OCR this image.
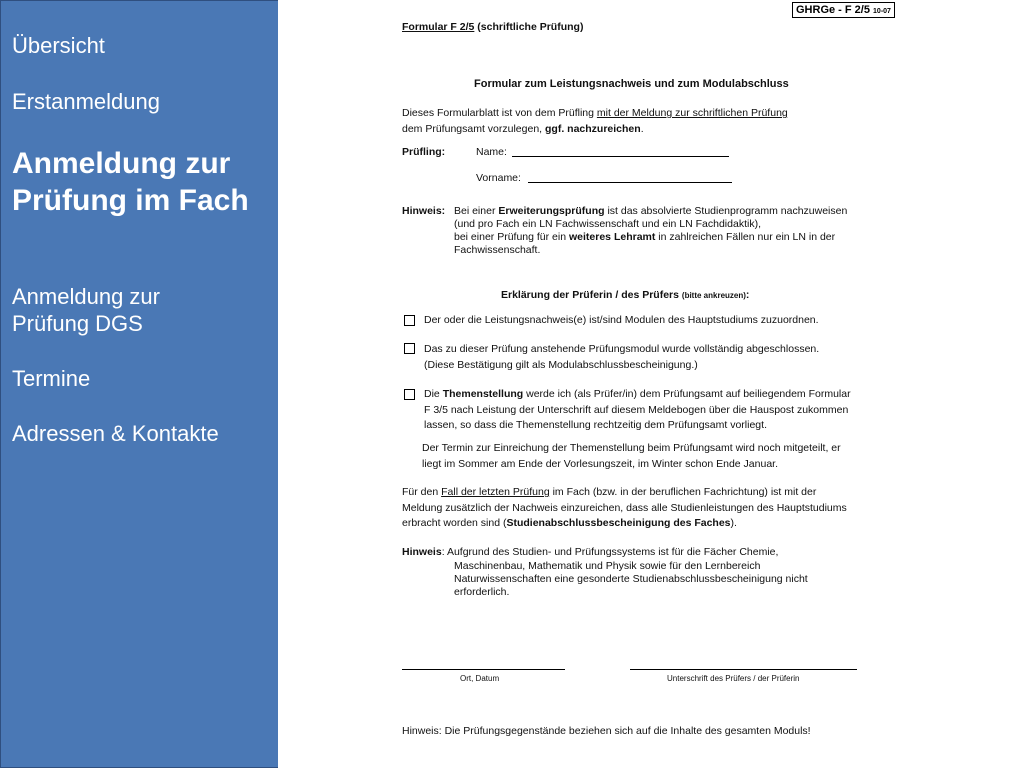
Übersicht
Erstanmeldung
Anmeldung zur Prüfung im Fach
Anmeldung zur
Prüfung DGS
Termine
Adressen & Kontakte
GHRGe - F 2/5 10-07
Formular F 2/5 (schriftliche Prüfung)
Formular zum Leistungsnachweis und zum Modulabschluss
Dieses Formularblatt ist von dem Prüfling mit der Meldung zur schriftlichen Prüfung
dem Prüfungsamt vorzulegen, ggf. nachzureichen.
Prüfling:	Name:
Vorname:
Hinweis: Bei einer Erweiterungsprüfung ist das absolvierte Studienprogramm nachzuweisen
(und pro Fach ein LN Fachwissenschaft und ein LN Fachdidaktik),
bei einer Prüfung für ein weiteres Lehramt in zahlreichen Fällen nur ein LN in der
Fachwissenschaft.
Erklärung der Prüferin / des Prüfers (bitte ankreuzen):
Der oder die Leistungsnachweis(e) ist/sind Modulen des Hauptstudiums zuzuordnen.
Das zu dieser Prüfung anstehende Prüfungsmodul wurde vollständig abgeschlossen.
(Diese Bestätigung gilt als Modulabschlussbescheinigung.)
Die Themenstellung werde ich (als Prüfer/in) dem Prüfungsamt auf beiliegendem Formular
F 3/5 nach Leistung der Unterschrift auf diesem Meldebogen über die Hauspost zukommen
lassen, so dass die Themenstellung rechtzeitig dem Prüfungsamt vorliegt.
Der Termin zur Einreichung der Themenstellung beim Prüfungsamt wird noch mitgeteilt, er
liegt im Sommer am Ende der Vorlesungszeit, im Winter schon Ende Januar.
Für den Fall der letzten Prüfung im Fach (bzw. in der beruflichen Fachrichtung) ist mit der
Meldung zusätzlich der Nachweis einzureichen, dass alle Studienleistungen des Hauptstudiums
erbracht worden sind (Studienabschlussbescheinigung des Faches).
Hinweis: Aufgrund des Studien- und Prüfungssystems ist für die Fächer Chemie,
Maschinenbau, Mathematik und Physik sowie für den Lernbereich
Naturwissenschaften eine gesonderte Studienabschlussbescheinigung nicht
erforderlich.
Ort, Datum	Unterschrift des Prüfers / der Prüferin
Hinweis: Die Prüfungsgegenstände beziehen sich auf die Inhalte des gesamten Moduls!
